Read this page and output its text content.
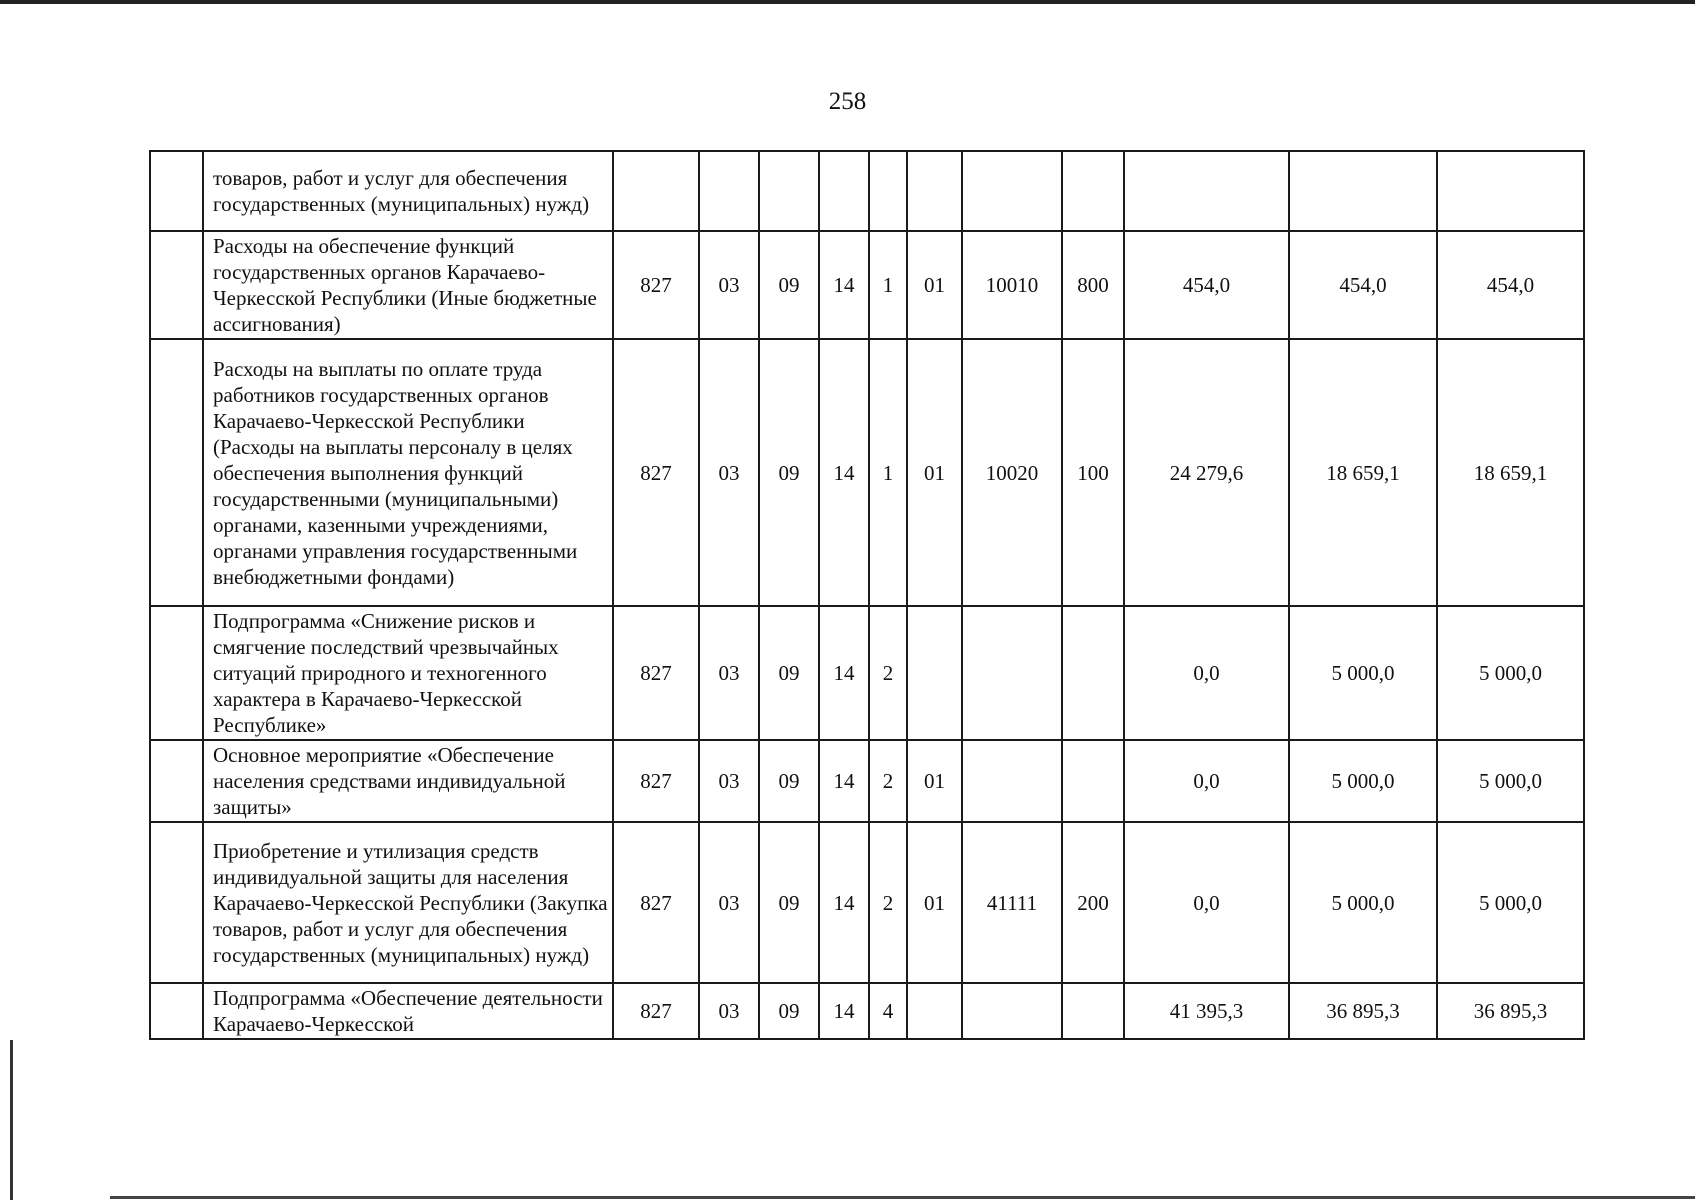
258
	товаров, работ и услуг для обеспечения государственных (муниципальных) нужд)											
	Расходы на обеспечение функций государственных органов Карачаево-Черкесской Республики (Иные бюджетные ассигнования)	827	03	09	14	1	01	10010	800	454,0	454,0	454,0
	Расходы на выплаты по оплате труда работников государственных органов Карачаево-Черкесской Республики (Расходы на выплаты персоналу в целях обеспечения выполнения функций государственными (муниципальными) органами, казенными учреждениями, органами управления государственными внебюджетными фондами)	827	03	09	14	1	01	10020	100	24 279,6	18 659,1	18 659,1
	Подпрограмма «Снижение рисков и смягчение последствий чрезвычайных ситуаций природного и техногенного характера в Карачаево-Черкесской Республике»	827	03	09	14	2				0,0	5 000,0	5 000,0
	Основное мероприятие «Обеспечение населения средствами индивидуальной защиты»	827	03	09	14	2	01			0,0	5 000,0	5 000,0
	Приобретение и утилизация средств индивидуальной защиты для населения Карачаево-Черкесской Республики (Закупка товаров, работ и услуг для обеспечения государственных (муниципальных) нужд)	827	03	09	14	2	01	41111	200	0,0	5 000,0	5 000,0
	Подпрограмма «Обеспечение деятельности Карачаево-Черкесской	827	03	09	14	4				41 395,3	36 895,3	36 895,3
